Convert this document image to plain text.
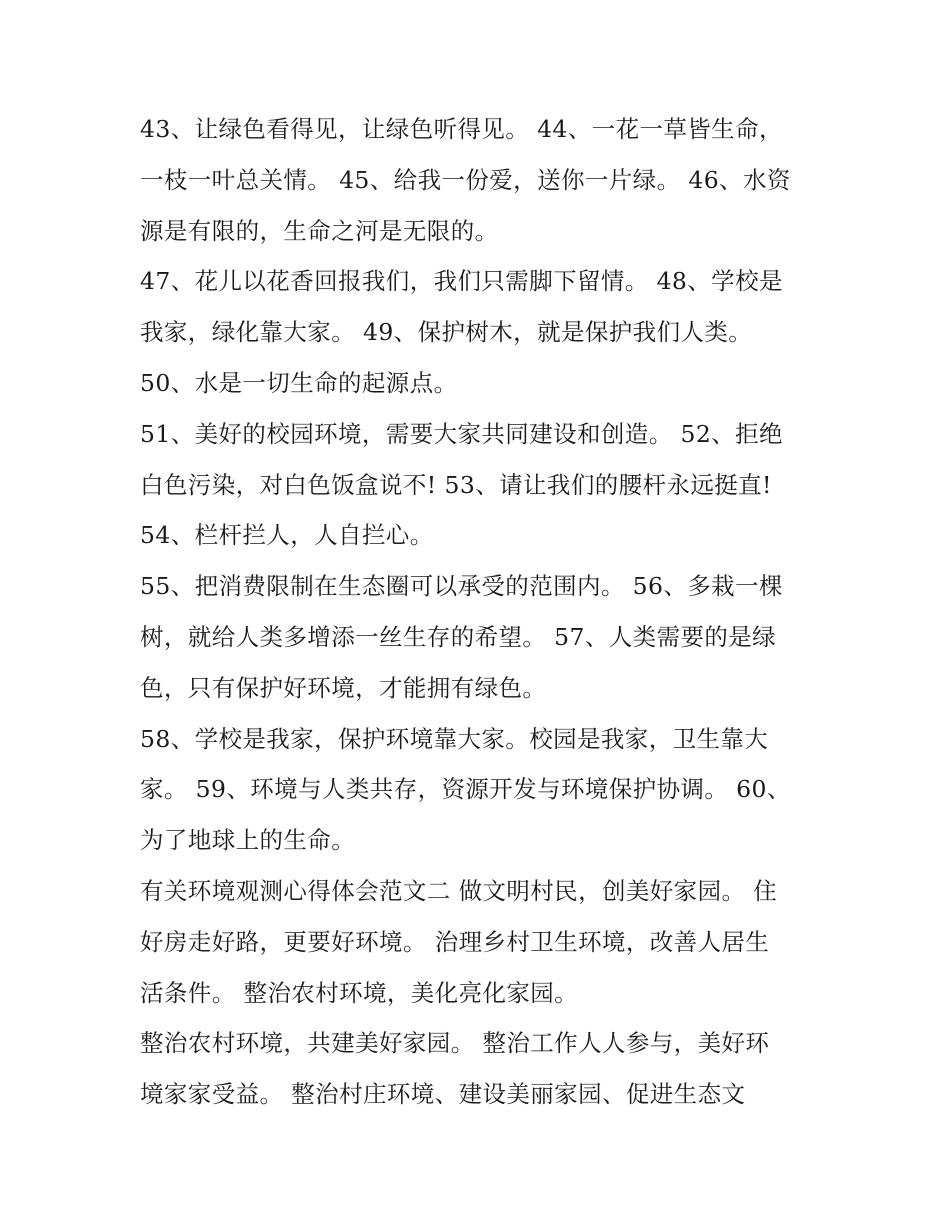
43、让绿色看得见，让绿色听得见。 44、一花一草皆生命，
一枝一叶总关情。 45、给我一份爱，送你一片绿。 46、水资
源是有限的，生命之河是无限的。

47、花儿以花香回报我们，我们只需脚下留情。 48、学校是
我家，绿化靠大家。 49、保护树木，就是保护我们人类。

50、水是一切生命的起源点。

51、美好的校园环境，需要大家共同建设和创造。 52、拒绝
白色污染，对白色饭盒说不! 53、请让我们的腰杆永远挺直!

54、栏杆拦人，人自拦心。

55、把消费限制在生态圈可以承受的范围内。 56、多栽一棵
树，就给人类多增添一丝生存的希望。 57、人类需要的是绿
色，只有保护好环境，才能拥有绿色。

58、学校是我家，保护环境靠大家。校园是我家，卫生靠大
家。 59、环境与人类共存，资源开发与环境保护协调。 60、
为了地球上的生命。

有关环境观测心得体会范文二 做文明村民，创美好家园。 住
好房走好路，更要好环境。 治理乡村卫生环境，改善人居生
活条件。 整治农村环境，美化亮化家园。

整治农村环境，共建美好家园。 整治工作人人参与，美好环
境家家受益。 整治村庄环境、建设美丽家园、促进生态文
